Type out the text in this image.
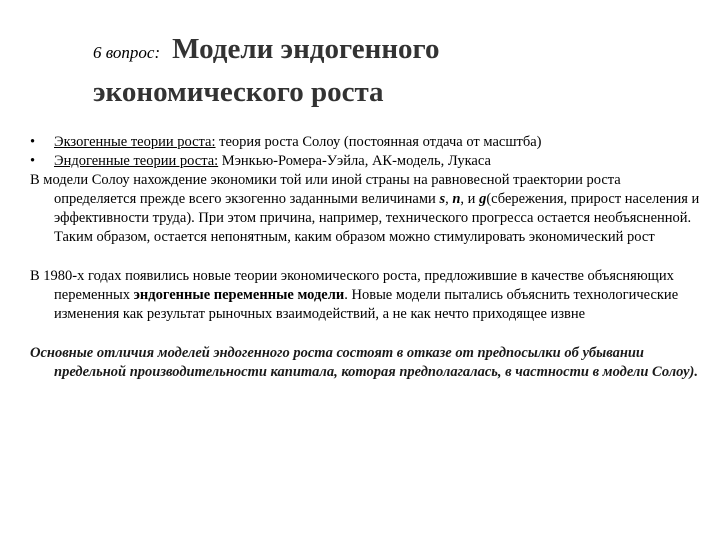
6 вопрос: Модели эндогенного
экономического роста
• Экзогенные теории роста: теория роста Солоу (постоянная отдача от масштба)
• Эндогенные теории роста: Мэнкью-Ромера-Уэйла, АК-модель, Лукаса
В модели Солоу нахождение экономики той или иной страны на равновесной траектории роста определяется прежде всего экзогенно заданными величинами s, n, и g(сбережения, прирост населения и эффективности труда). При этом причина, например, технического прогресса остается необъясненной. Таким образом, остается непонятным, каким образом можно стимулировать экономический рост
В 1980-х годах появились новые теории экономического роста, предложившие в качестве объясняющих переменных эндогенные переменные модели. Новые модели пытались объяснить технологические изменения как результат рыночных взаимодействий, а не как нечто приходящее извне
Основные отличия моделей эндогенного роста состоят в отказе от предпосылки об убывании предельной производительности капитала, которая предполагалась, в частности в модели Солоу).
